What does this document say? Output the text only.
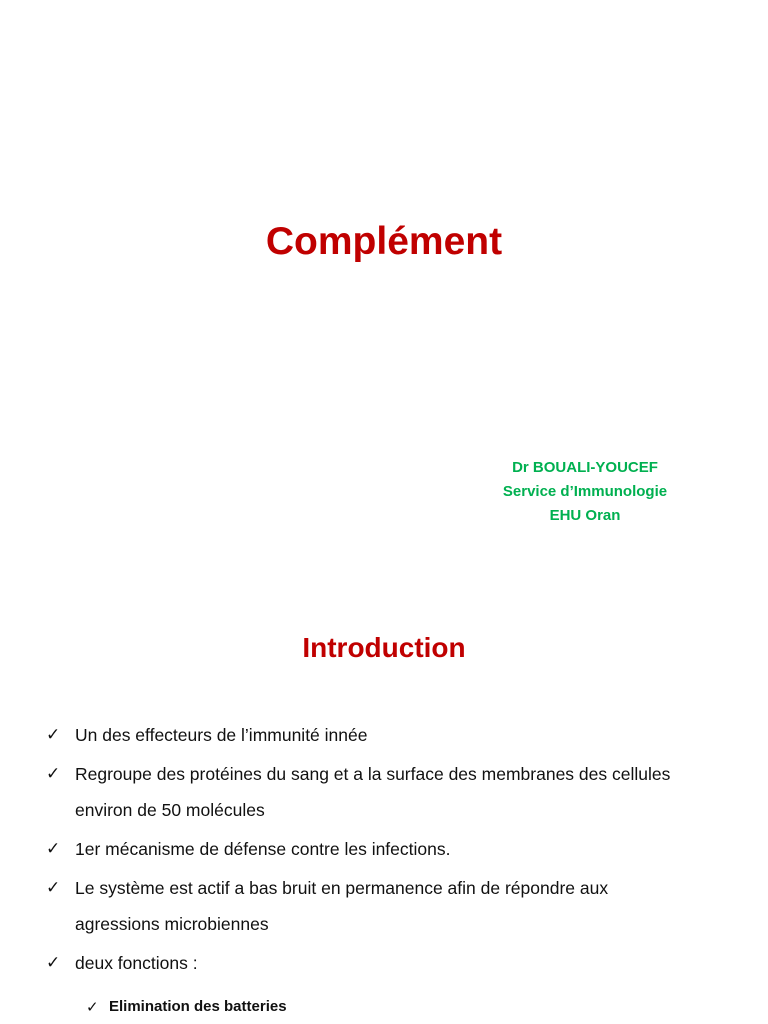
Complément
Dr BOUALI-YOUCEF
Service d’Immunologie
EHU Oran
Introduction
✓ Un des effecteurs de l’immunité innée
✓ Regroupe des protéines du sang et a la surface des membranes des cellules
environ de 50 molécules
✓ 1er mécanisme de défense contre les infections.
✓ Le système est actif a bas bruit en permanence afin de répondre aux
agressions microbiennes
✓ deux fonctions :
✓ Elimination des batteries
